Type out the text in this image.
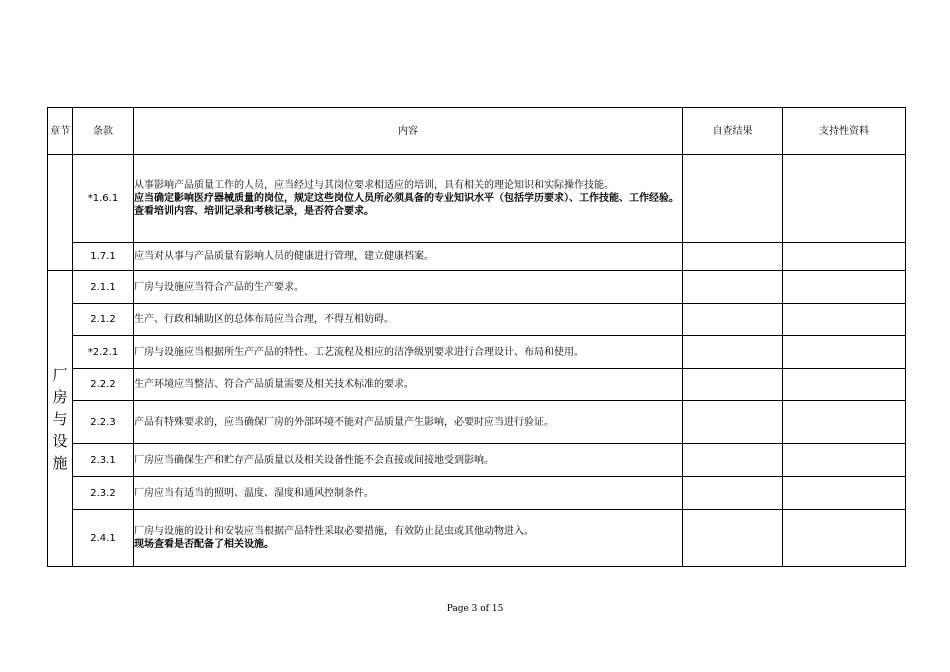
章节	条款	内容	自查结果	支持性资料
	*1.6.1	从事影响产品质量工作的人员，应当经过与其岗位要求相适应的培训，具有相关的理论知识和实际操作技能。
应当确定影响医疗器械质量的岗位，规定这些岗位人员所必须具备的专业知识水平（包括学历要求）、工作技能、工作经验。查看培训内容、培训记录和考核记录，是否符合要求。		

	1.7.1	应当对从事与产品质量有影响人员的健康进行管理，建立健康档案。		
厂房与设施	2.1.1	厂房与设施应当符合产品的生产要求。		
	2.1.2	生产、行政和辅助区的总体布局应当合理，不得互相妨碍。		
	*2.2.1	厂房与设施应当根据所生产产品的特性、工艺流程及相应的洁净级别要求进行合理设计、布局和使用。		
	2.2.2	生产环境应当整洁、符合产品质量需要及相关技术标准的要求。		
	2.2.3	产品有特殊要求的，应当确保厂房的外部环境不能对产品质量产生影响，必要时应当进行验证。		
	2.3.1	厂房应当确保生产和贮存产品质量以及相关设备性能不会直接或间接地受到影响。		
	2.3.2	厂房应当有适当的照明、温度、湿度和通风控制条件。		
	2.4.1	厂房与设施的设计和安装应当根据产品特性采取必要措施，有效防止昆虫或其他动物进入。
现场查看是否配备了相关设施。		

Page 3 of 15
